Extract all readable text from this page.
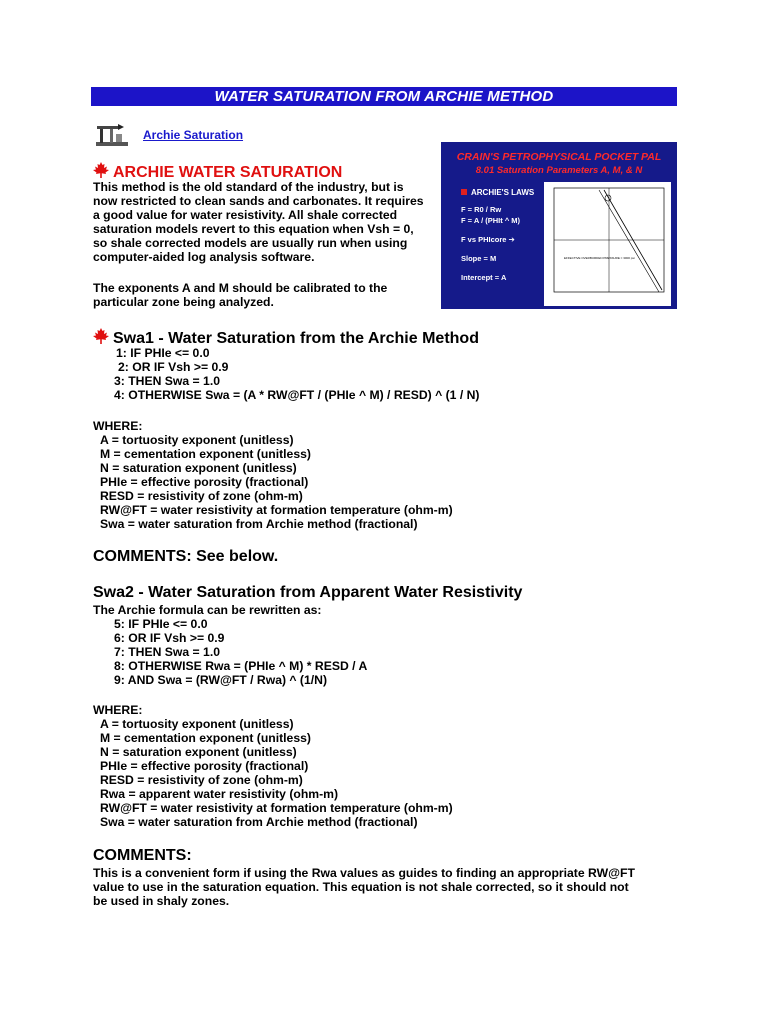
WATER SATURATION FROM ARCHIE METHOD
Archie Saturation
ARCHIE WATER SATURATION
This method is the old standard of the industry, but is
now restricted to clean sands and carbonates. It requires
a good value for water resistivity. All shale corrected
saturation models revert to this equation when Vsh = 0,
so shale corrected models are usually run when using
computer-aided log analysis software.
The exponents A and M should be calibrated to the
particular zone being analyzed.
CRAIN'S PETROPHYSICAL POCKET PAL
8.01 Saturation Parameters A, M, & N
ARCHIE'S LAWS
F = R0 / Rw
F = A / (PHIt ^ M)
F vs PHIcore ➔
Slope = M
Intercept = A
EFFECTIVE OVERBURDEN PRESSURE = 3000 psi
Swa1 - Water Saturation from the Archie Method

1: IF PHIe <= 0.0

2: OR IF Vsh >= 0.9

3: THEN Swa = 1.0

4: OTHERWISE Swa = (A * RW@FT / (PHIe ^ M) / RESD) ^ (1 / N)

WHERE:

A = tortuosity exponent (unitless)

M = cementation exponent (unitless)

N = saturation exponent (unitless)

PHIe = effective porosity (fractional)

RESD = resistivity of zone (ohm-m)

RW@FT = water resistivity at formation temperature (ohm-m)

Swa = water saturation from Archie method (fractional)

COMMENTS: See below.
Swa2 - Water Saturation from Apparent Water Resistivity
The Archie formula can be rewritten as:

5: IF PHIe <= 0.0

6: OR IF Vsh >= 0.9

7: THEN Swa = 1.0

8: OTHERWISE Rwa = (PHIe ^ M) * RESD / A

9: AND Swa = (RW@FT / Rwa) ^ (1/N)

WHERE:

A = tortuosity exponent (unitless)

M = cementation exponent (unitless)

N = saturation exponent (unitless)

PHIe = effective porosity (fractional)

RESD = resistivity of zone (ohm-m)

Rwa = apparent water resistivity (ohm-m)

RW@FT = water resistivity at formation temperature (ohm-m)

Swa = water saturation from Archie method (fractional)

COMMENTS:
This is a convenient form if using the Rwa values as guides to finding an appropriate RW@FT
value to use in the saturation equation. This equation is not shale corrected, so it should not
be used in shaly zones.
